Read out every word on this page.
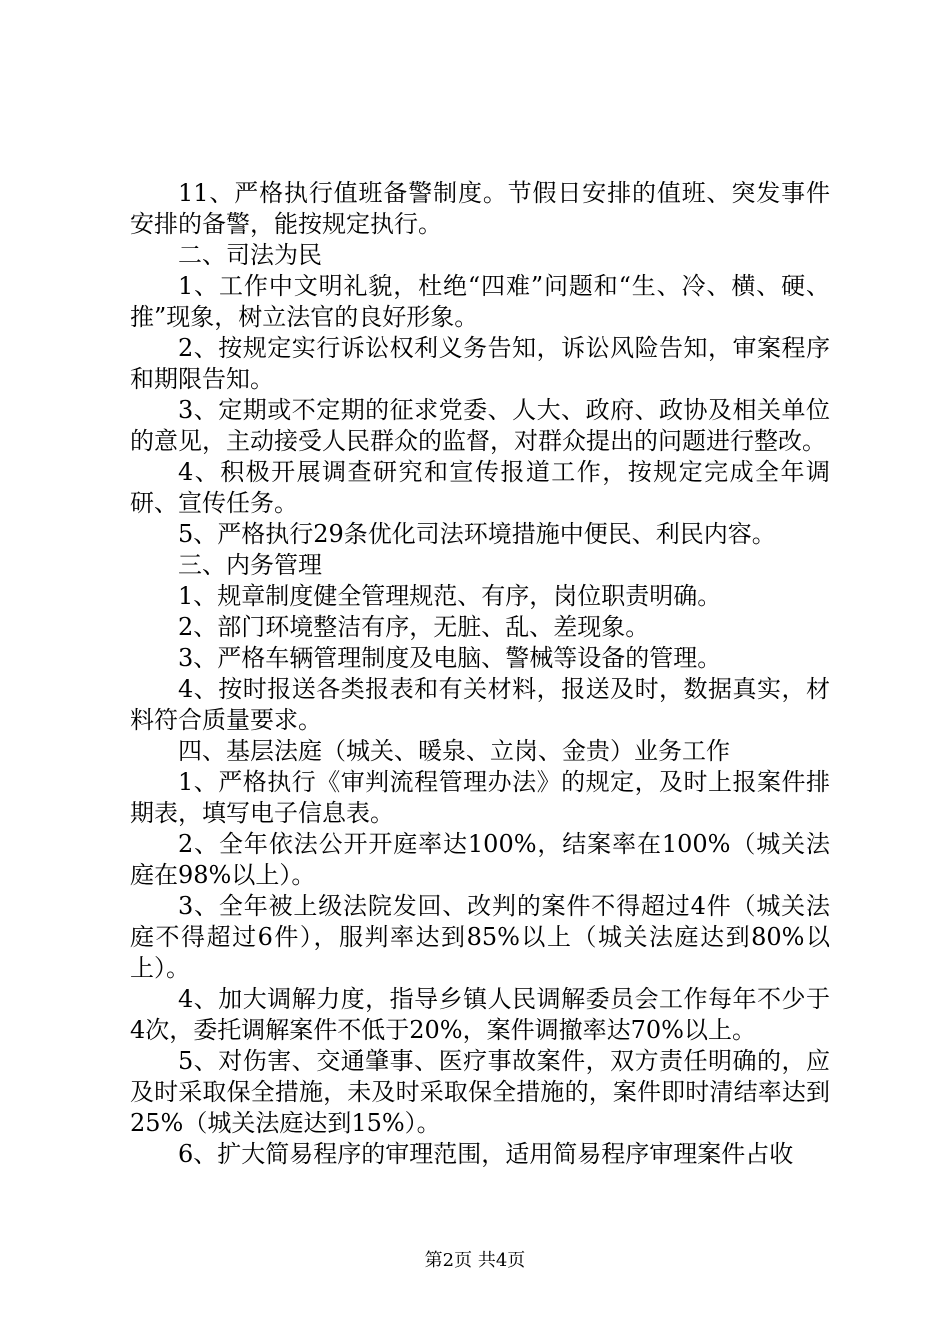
11、严格执行值班备警制度。节假日安排的值班、突发事件安排的备警，能按规定执行。

二、司法为民

1、工作中文明礼貌，杜绝“四难”问题和“生、冷、横、硬、推”现象，树立法官的良好形象。

2、按规定实行诉讼权利义务告知，诉讼风险告知，审案程序和期限告知。

3、定期或不定期的征求党委、人大、政府、政协及相关单位的意见，主动接受人民群众的监督，对群众提出的问题进行整改。

4、积极开展调查研究和宣传报道工作，按规定完成全年调研、宣传任务。

5、严格执行29条优化司法环境措施中便民、利民内容。

三、内务管理

1、规章制度健全管理规范、有序，岗位职责明确。

2、部门环境整洁有序，无脏、乱、差现象。

3、严格车辆管理制度及电脑、警械等设备的管理。

4、按时报送各类报表和有关材料，报送及时，数据真实，材料符合质量要求。

四、基层法庭（城关、暖泉、立岗、金贵）业务工作

1、严格执行《审判流程管理办法》的规定，及时上报案件排期表，填写电子信息表。

2、全年依法公开开庭率达100%，结案率在100%（城关法庭在98%以上）。

3、全年被上级法院发回、改判的案件不得超过4件（城关法庭不得超过6件），服判率达到85%以上（城关法庭达到80%以上）。

4、加大调解力度，指导乡镇人民调解委员会工作每年不少于4次，委托调解案件不低于20%，案件调撤率达70%以上。

5、对伤害、交通肇事、医疗事故案件，双方责任明确的，应及时采取保全措施，未及时采取保全措施的，案件即时清结率达到25%（城关法庭达到15%）。

6、扩大简易程序的审理范围，适用简易程序审理案件占收

第2页 共4页
